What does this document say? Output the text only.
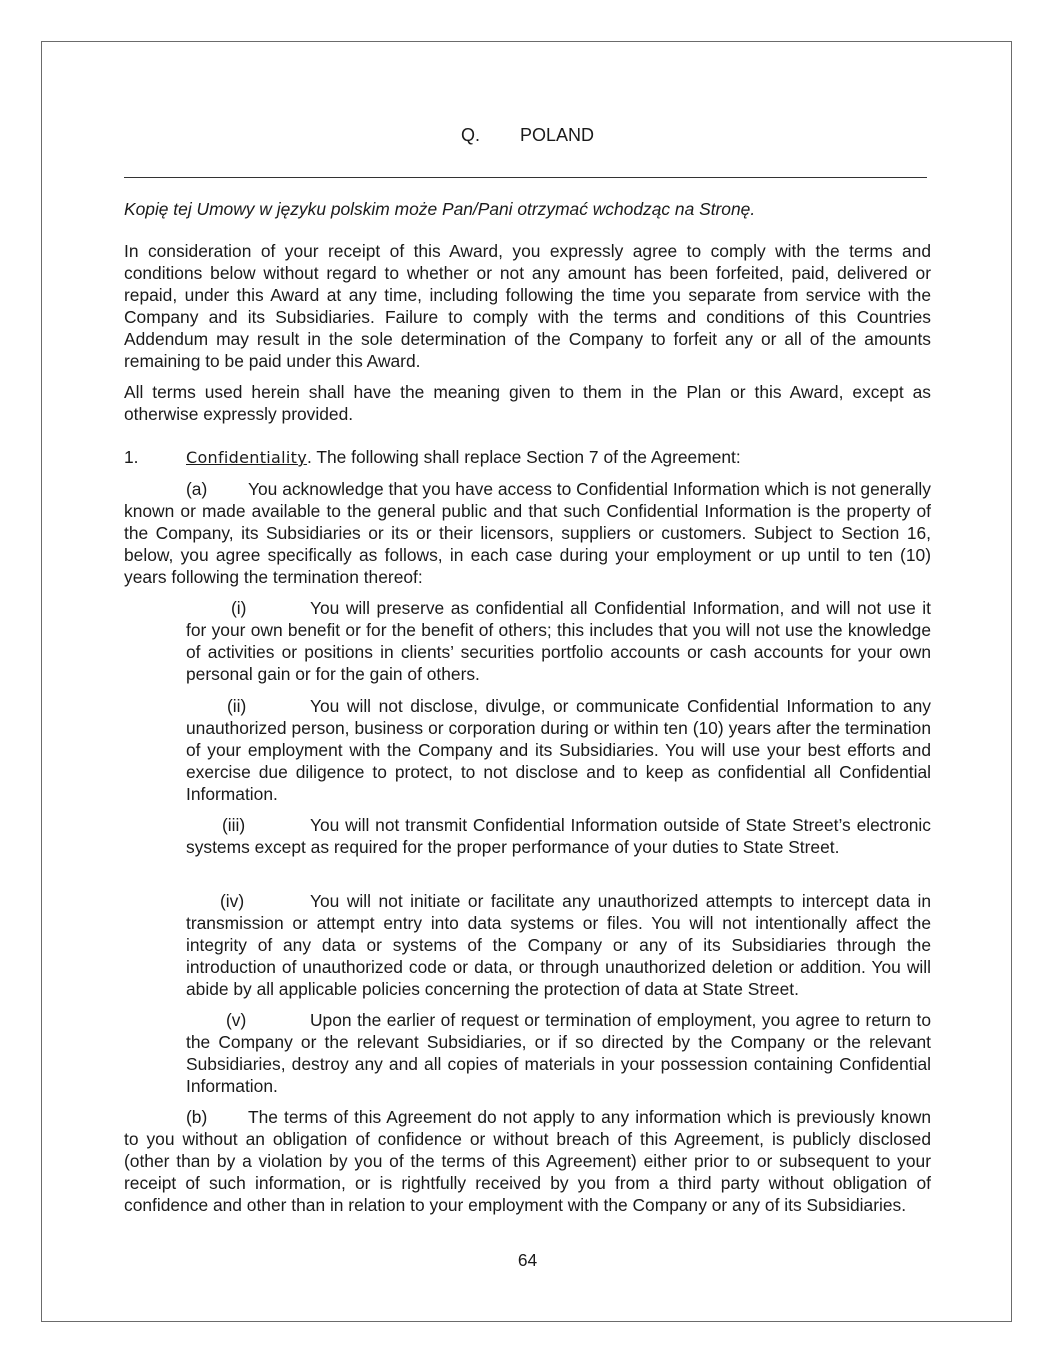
Q. POLAND

Kopię tej Umowy w języku polskim może Pan/Pani otrzymać wchodząc na Stronę.

In consideration of your receipt of this Award, you expressly agree to comply with the terms and conditions below without regard to whether or not any amount has been forfeited, paid, delivered or repaid, under this Award at any time, including following the time you separate from service with the Company and its Subsidiaries. Failure to comply with the terms and conditions of this Countries Addendum may result in the sole determination of the Company to forfeit any or all of the amounts remaining to be paid under this Award.

All terms used herein shall have the meaning given to them in the Plan or this Award, except as otherwise expressly provided.

1.	Confidentiality. The following shall replace Section 7 of the Agreement:

(a) You acknowledge that you have access to Confidential Information which is not generally known or made available to the general public and that such Confidential Information is the property of the Company, its Subsidiaries or its or their licensors, suppliers or customers. Subject to Section 16, below, you agree specifically as follows, in each case during your employment or up until to ten (10) years following the termination thereof:

(i)	You will preserve as confidential all Confidential Information, and will not use it for your own benefit or for the benefit of others; this includes that you will not use the knowledge of activities or positions in clients’ securities portfolio accounts or cash accounts for your own personal gain or for the gain of others.

(ii)	You will not disclose, divulge, or communicate Confidential Information to any unauthorized person, business or corporation during or within ten (10) years after the termination of your employment with the Company and its Subsidiaries. You will use your best efforts and exercise due diligence to protect, to not disclose and to keep as confidential all Confidential Information.

(iii)	You will not transmit Confidential Information outside of State Street’s electronic systems except as required for the proper performance of your duties to State Street.

(iv)	You will not initiate or facilitate any unauthorized attempts to intercept data in transmission or attempt entry into data systems or files. You will not intentionally affect the integrity of any data or systems of the Company or any of its Subsidiaries through the introduction of unauthorized code or data, or through unauthorized deletion or addition. You will abide by all applicable policies concerning the protection of data at State Street.

(v)	Upon the earlier of request or termination of employment, you agree to return to the Company or the relevant Subsidiaries, or if so directed by the Company or the relevant Subsidiaries, destroy any and all copies of materials in your possession containing Confidential Information.

(b) The terms of this Agreement do not apply to any information which is previously known to you without an obligation of confidence or without breach of this Agreement, is publicly disclosed (other than by a violation by you of the terms of this Agreement) either prior to or subsequent to your receipt of such information, or is rightfully received by you from a third party without obligation of confidence and other than in relation to your employment with the Company or any of its Subsidiaries.

64
